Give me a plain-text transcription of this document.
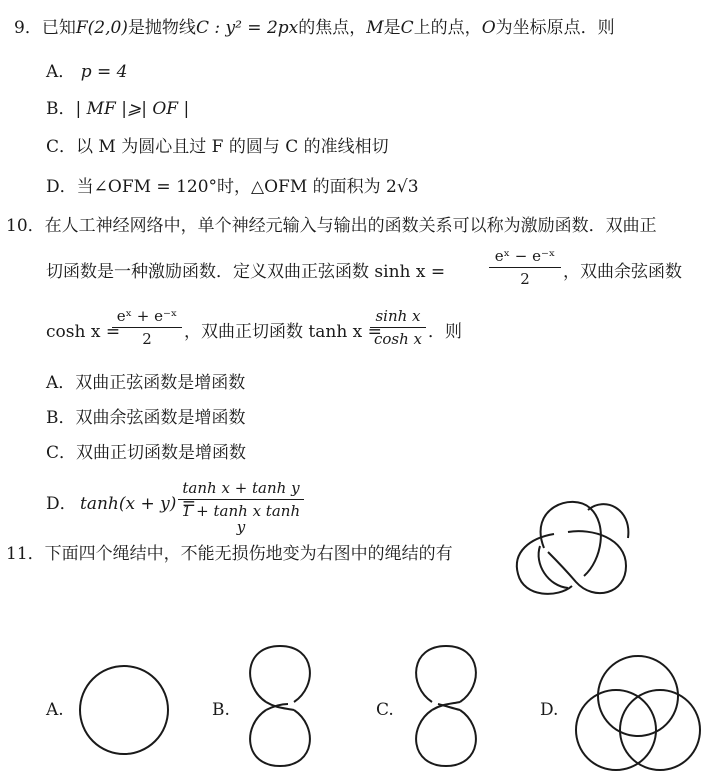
9．已知F(2,0)是抛物线C : y² = 2px的焦点，M是C上的点，O为坐标原点．则
A． p = 4
B．| MF |⩾| OF |
C．以 M 为圆心且过 F 的圆与 C 的准线相切
D．当∠OFM = 120°时，△OFM 的面积为 2√3
10．在人工神经网络中，单个神经元输入与输出的函数关系可以称为激励函数．双曲正
切函数是一种激励函数．定义双曲正弦函数 sinh x =
eˣ − e⁻ˣ
2	，双曲余弦函数
cosh x =
eˣ + e⁻ˣ
2	，双曲正切函数 tanh x =
sinh x
cosh x ．则
A．双曲正弦函数是增函数
B．双曲余弦函数是增函数
C．双曲正切函数是增函数
D． tanh(x + y) =
tanh x + tanh y
1 + tanh x tanh y
11．下面四个绳结中，不能无损伤地变为右图中的绳结的有
A.	B.	C.	D.
